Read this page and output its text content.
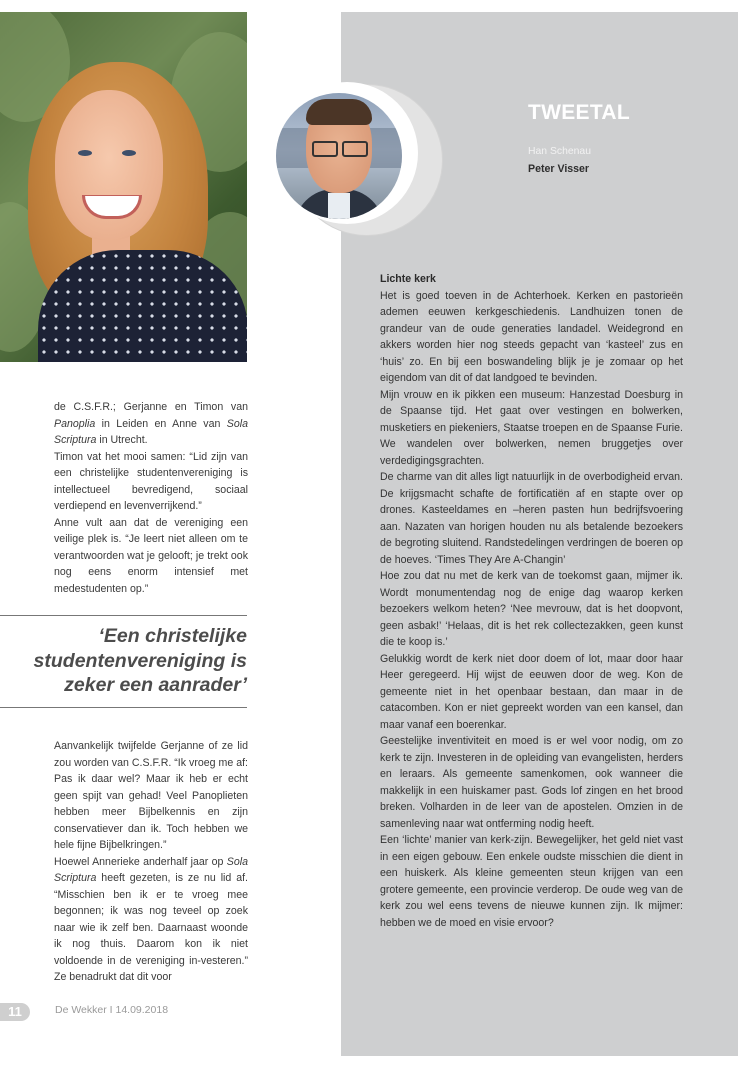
de C.S.F.R.; Gerjanne en Timon van Panoplia in Leiden en Anne van Sola Scriptura in Utrecht.

Timon vat het mooi samen: “Lid zijn van een christelijke studentenvereniging is intellectueel bevredigend, sociaal verdiepend en levenverrijkend.”

Anne vult aan dat de vereniging een veilige plek is. “Je leert niet alleen om te verantwoorden wat je gelooft; je trekt ook nog eens enorm intensief met medestudenten op.”

‘Een christelijke studentenvereniging is zeker een aanrader’

Aanvankelijk twijfelde Gerjanne of ze lid zou worden van C.S.F.R. “Ik vroeg me af: Pas ik daar wel? Maar ik heb er echt geen spijt van gehad! Veel Panoplieten hebben meer Bijbelkennis en zijn conservatiever dan ik. Toch hebben we hele fijne Bijbelkringen.”

Hoewel Annerieke anderhalf jaar op Sola Scriptura heeft gezeten, is ze nu lid af. “Misschien ben ik er te vroeg mee begonnen; ik was nog teveel op zoek naar wie ik zelf ben. Daarnaast woonde ik nog thuis. Daarom kon ik niet voldoende in de vereniging in-vesteren.” Ze benadrukt dat dit voor

11	De Wekker I 14.09.2018
TWEETAL
Han Schenau
Peter Visser

Lichte kerk

Het is goed toeven in de Achterhoek. Kerken en pastorieën ademen eeuwen kerkgeschiedenis. Landhuizen tonen de grandeur van de oude generaties landadel. Weidegrond en akkers worden hier nog steeds gepacht van ‘kasteel’ zus en ‘huis’ zo. En bij een boswandeling blijk je je zomaar op het eigendom van dit of dat landgoed te bevinden.

Mijn vrouw en ik pikken een museum: Hanzestad Doesburg in de Spaanse tijd. Het gaat over vestingen en bolwerken, musketiers en piekeniers, Staatse troepen en de Spaanse Furie. We wandelen over bolwerken, nemen bruggetjes over verdedigingsgrachten.

De charme van dit alles ligt natuurlijk in de overbodigheid ervan. De krijgsmacht schafte de fortificatiën af en stapte over op drones. Kasteeldames en –heren pasten hun bedrijfsvoering aan. Nazaten van horigen houden nu als betalende bezoekers de begroting sluitend. Randstedelingen verdringen de boeren op de hoeves. ‘Times They Are A-Changin’

Hoe zou dat nu met de kerk van de toekomst gaan, mijmer ik. Wordt monumentendag nog de enige dag waarop kerken bezoekers welkom heten? ‘Nee mevrouw, dat is het doopvont, geen asbak!’ ‘Helaas, dit is het rek collectezakken, geen kunst die te koop is.’

Gelukkig wordt de kerk niet door doem of lot, maar door haar Heer geregeerd. Hij wijst de eeuwen door de weg. Kon de gemeente niet in het openbaar bestaan, dan maar in de catacomben. Kon er niet gepreekt worden van een kansel, dan maar vanaf een boerenkar.

Geestelijke inventiviteit en moed is er wel voor nodig, om zo kerk te zijn. Investeren in de opleiding van evangelisten, herders en leraars. Als gemeente samenkomen, ook wanneer die makkelijk in een huiskamer past. Gods lof zingen en het brood breken. Volharden in de leer van de apostelen. Omzien in de samenleving naar wat ontferming nodig heeft.

Een ‘lichte’ manier van kerk-zijn. Bewegelijker, het geld niet vast in een eigen gebouw. Een enkele oudste misschien die dient in een huiskerk. Als kleine gemeenten steun krijgen van een grotere gemeente, een provincie verderop. De oude weg van de kerk zou wel eens tevens de nieuwe kunnen zijn. Ik mijmer: hebben we de moed en visie ervoor?
